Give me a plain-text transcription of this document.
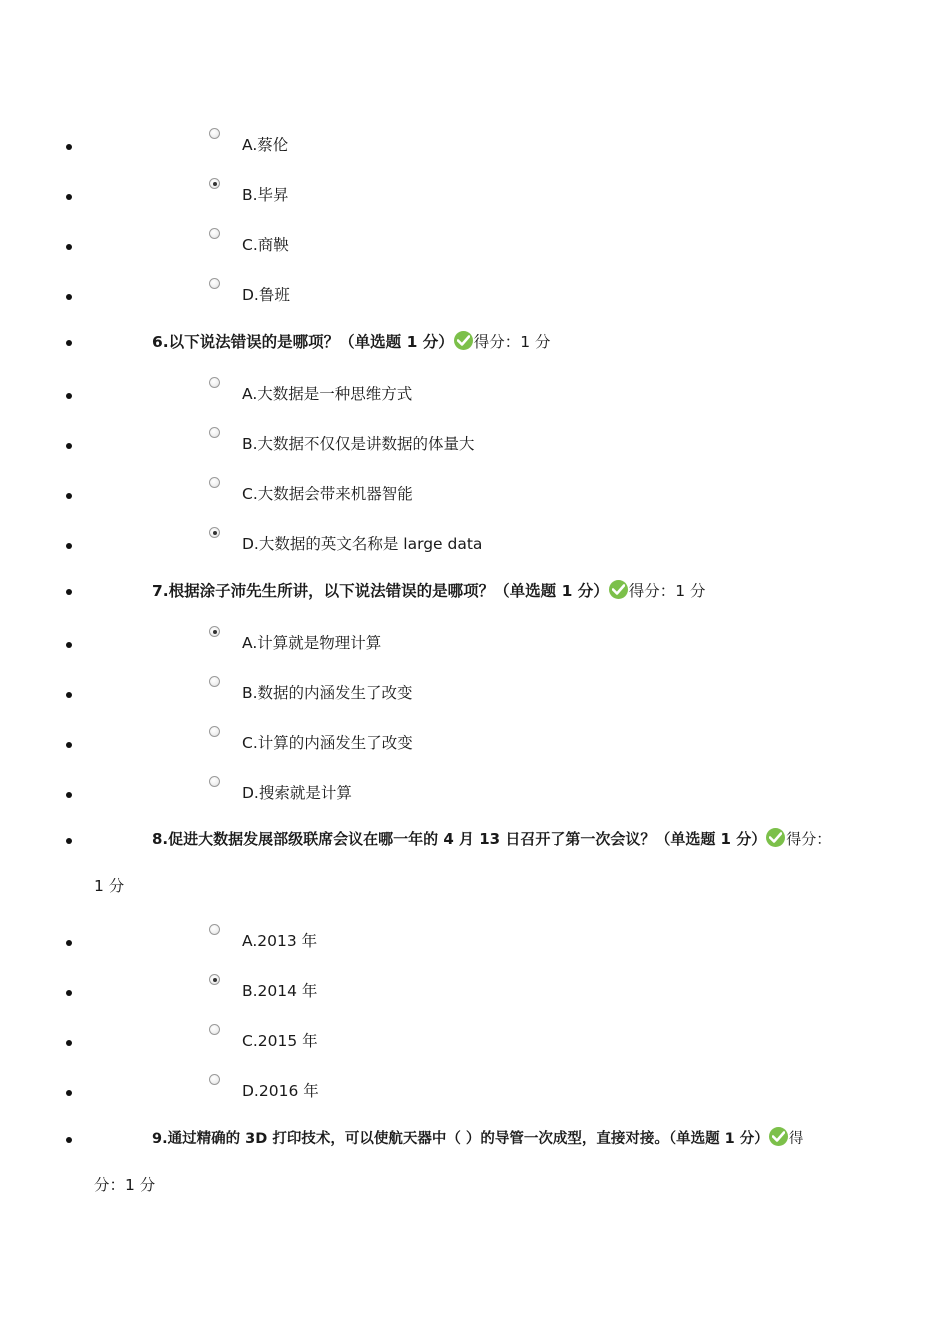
A.蔡伦
B.毕昇
C.商鞅
D.鲁班
6.以下说法错误的是哪项？（单选题 1 分） 得分：1 分
A.大数据是一种思维方式
B.大数据不仅仅是讲数据的体量大
C.大数据会带来机器智能
D.大数据的英文名称是 large data
7.根据涂子沛先生所讲，以下说法错误的是哪项？（单选题 1 分） 得分：1 分
A.计算就是物理计算
B.数据的内涵发生了改变
C.计算的内涵发生了改变
D.搜索就是计算
8.促进大数据发展部级联席会议在哪一年的 4 月 13 日召开了第一次会议？（单选题 1 分） 得分：
1 分
A.2013 年
B.2014 年
C.2015 年
D.2016 年
9.通过精确的 3D 打印技术，可以使航天器中（ ）的导管一次成型，直接对接。（单选题 1 分） 得
分：1 分
